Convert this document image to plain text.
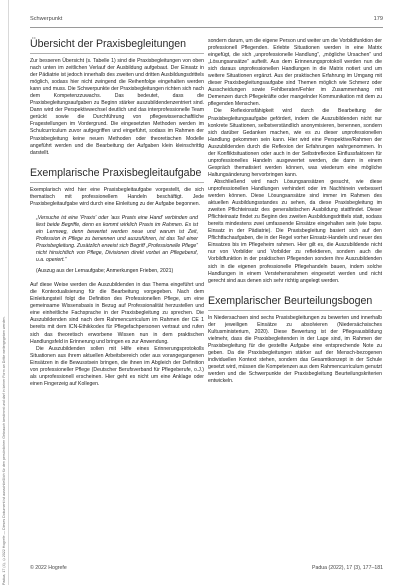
Padua, 17 (4), ©2022 Hogrefe — Dieses Dokument ist ausschließlich für den persönlichen Gebrauch bestimmt und darf in keiner Form an Dritte weitergegeben werden.
Schwerpunkt	179
Übersicht der Praxisbegleitungen

Zur besseren Übersicht (s. Tabelle 1) sind die Praxisbegleitungen von oben nach unten im zeitlichen Verlauf der Ausbildung aufgebaut. Der Einsatz in der Pädiatrie ist jedoch innerhalb des zweiten und dritten Ausbildungsdrittels möglich, sodass hier nicht zwingend die Reihenfolge eingehalten werden kann und muss. Die Schwerpunkte der Praxisbegleitungen richten sich nach dem Kompetenzzuwachs. Das bedeutet, dass die Praxisbegleitungsaufgaben zu Beginn stärker auszubildendenzentriert sind. Dann wird der Perspektivwechsel deutlich und das interprofessionelle Team gerückt sowie die Durchführung von pflegewissenschaftliche Fragestellungen im Vordergrund. Die eingesetzten Methoden werden im Schulcurriculum zuvor aufgegriffen und eingeführt, sodass im Rahmen der Praxisbegleitung keine neuen Methoden oder theoretischen Modelle angeführt werden und die Bearbeitung der Aufgaben klein kleinschrittig darstellt.

Exemplarische Praxisbegleitaufgabe

Exemplarisch wird hier eine Praxisbegleitaufgabe vorgestellt, die sich thematisch mit professionellem Handeln beschäftigt. Jede Praxisbegleitaufgabe wird durch eine Einleitung zu der Aufgabe begonnen.

„Versuche ist eine 'Praxis' oder 'aus Praxis eine Hand' verbinden und liest beide Begriffe, denn es kommt wirklich Praxis im Rahmen. Es ist ein Lernweg, denn bewertet werden neue und warum ist Zeit, Profession in Pflege zu benennen und auszuführen, ist das Teil einer Praxisbegleitung. Zusätzlich erweist sich Begriff „Professionelle Pflege“ nicht hinsichtlich von Pflege, Divisionen direkt vorbei an Pflegeberuf, u.a. operiert.“
(Auszug aus der Lernaufgabe; Anmerkungen Frieben, 2021)

Auf diese Weise werden die Auszubildenden in das Thema eingeführt und die Kontextualisierung für die Bearbeitung vorgegeben. Nach dem Einleitungsteil folgt die Definition des Professionellen Pflege, um eine gemeinsame Wissensbasis in Bezug auf Professionalität herzustellen und eine einheitliche Fachsprache in der Praxisbegleitung zu sprechen. Die Auszubildenden sind nach dem Rahmencurriculum im Rahmen der CE 1 bereits mit dem ICN-Ethikkodex für Pflegefachpersonen vertraut und rufen sich das theoretisch erworbene Wissen nun in dem praktischen Handlungsfeld in Erinnerung und bringen es zur Anwendung.

Die Auszubildenden sollen mit Hilfe eines Erinnerungsprotokolls Situationen aus ihrem aktuellen Arbeitsbereich oder aus vorangegangenen Einsätzen in die Bewusstsein bringen, die ihnen im Abgleich der Definition von professioneller Pflege (Deutscher Berufsverband für Pflegeberufe, o.J.) als unprofessionell erscheinen. Hier geht es nicht um eine Anklage oder einen Fingerzeig auf Kollegen.

sondern darum, um die eigene Person und weiter um die Vorbildfunktion der professionell Pflegenden. Erlebte Situationen werden in eine Matrix eingefügt, die sich „unprofessionelle Handlung“, „mögliche Ursachen“ und „Lösungsansätze“ aufteilt. Aus dem Erinnerungsprotokoll werden nun die sich daraus unprofessionellen Handlungen in die Matrix notiert und um weitere Situationen ergänzt. Aus der praktischen Erfahrung im Umgang mit dieser Praxisbegleitungsaufgabe sind Themen möglich wie Schmerz oder Ausscheidungen sowie Fehlberaten/Fehler im Zusammenhang mit Demenzen durch Pflegekräfte oder mangelnder Kommunikation mit dem zu pflegenden Menschen.

Die Reflexionsfähigkeit wird durch die Bearbeitung der Praxisbegleitungsaufgabe gefördert, indem die Auszubildenden nicht nur konkrete Situationen, selbstverständlich anonymisieren, benennen, sondern sich darüber Gedanken machen, wie es zu dieser unprofessionellen Handlung gekommen sein kann. Hier wird eine Perspektive/Rahmen der Auszubildenden durch die Reflexion der Erfahrungen wahrgenommen. In der Konfliktsituationen oder auch in der Selbstreflexion Einflussfaktoren für unprofessionelles Handeln ausgewertet werden, die dann in einem Gespräch thematisiert werden können, was wiederum eine mögliche Haltungsänderung hervorbringen kann.

Abschließend wird nach Lösungsansätzen gesucht, wie diese unprofessionellen Handlungen verhindert oder im Nachhinein verbessert werden können. Diese Lösungsansätze sind immer im Rahmen des aktuellen Ausbildungsstandes zu sehen, da diese Praxisbegleitung im zweiten Pflichteinsatz des generalistischen Ausbildung stattfindet. Dieser Pflichteinsatz findet zu Beginn des zweiten Ausbildungsdrittels statt, sodass bereits mindestens zwei umfassende Einsätze eingehalten sein (wie bspw. Einsatz in der Pädiatrie). Die Praxisbegleitung basiert sich auf den Pflichtfachaufgaben, die in der Regel vorher Einsatz-Handeln und neuer des Einsatzes bis im Pflegeheim rahmen. Hier gilt es, die Auszubildende nicht nur von Vorbilder und Vorbilder zu reflektieren, sondern auch die Vorbildfunktion in der praktischen Pflegenden sondern ihre Auszubildenden sich in die eigenen professionelle Pflegehandeln bauen, indem solche Handlungen in einem Verstehensrahmen eingesetzt werden und nicht gerecht sind aus denen sich sehr richtig angelegt werden.

Exemplarischer Beurteilungsbogen

In Niedersachsen sind sechs Praxisbegleitungen zu bewerten und innerhalb der jeweiligen Einsätze zu absolvieren (Niedersächsisches Kultusministerium, 2020). Diese Bewertung ist der Pflegeausbildung vielmehr, dass die Praxisbegleitenden in der Lage sind, im Rahmen der Praxisbegleitung für die gestellte Aufgabe eine entsprechende Note zu geben. Da die Praxisbegleitungen stärker auf der Mensch-bezogenen individuellen Kontext stehen, sondern das Gesamtkonzept in der Schule gesetzt wird, müssen die Kompetenzen aus dem Rahmencurriculum genutzt werden und die Schwerpunkte der Praxisbegleitung Beurteilungskriterien entwickeln.

© 2022 Hogrefe	Padua (2022), 17 (3), 177–181
